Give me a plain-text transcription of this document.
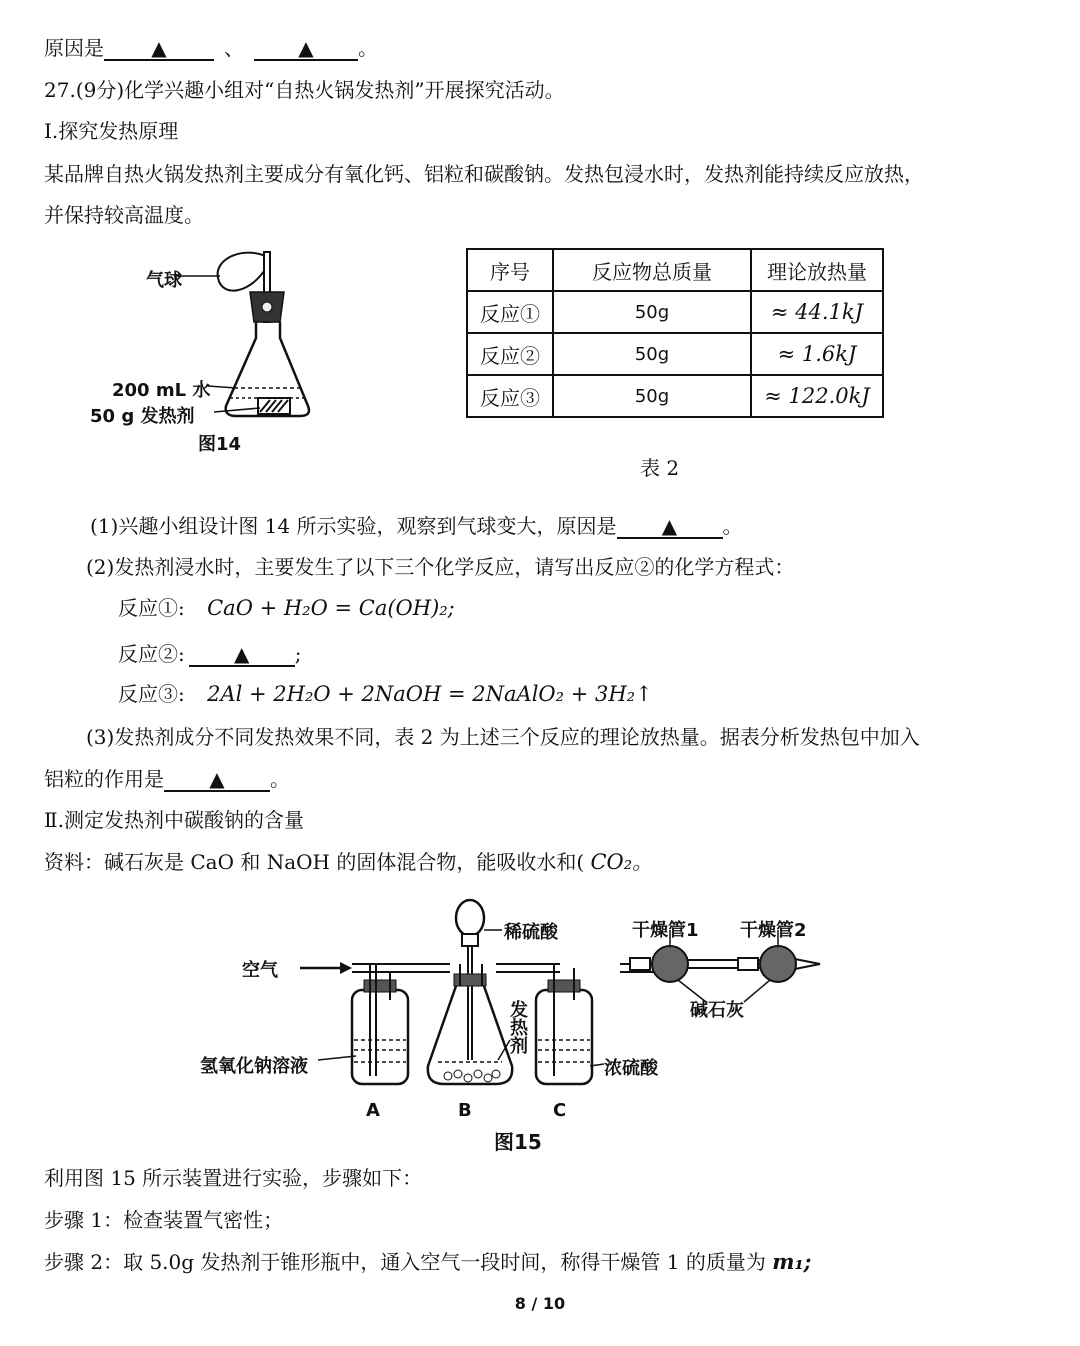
原因是 ▲	、	▲ 。
27.(9分)化学兴趣小组对“自热火锅发热剂”开展探究活动。
Ⅰ.探究发热原理
某品牌自热火锅发热剂主要成分有氧化钙、铝粒和碳酸钠。发热包浸水时，发热剂能持续反应放热，
并保持较高温度。
气球
200 mL 水
50 g 发热剂
图14
序号	反应物总质量	理论放热量
反应①	50g	≈ 44.1kJ
反应②	50g	≈ 1.6kJ
反应③	50g	≈ 122.0kJ
表 2
(1)兴趣小组设计图 14 所示实验，观察到气球变大，原因是 ▲ 。
(2)发热剂浸水时，主要发生了以下三个化学反应，请写出反应②的化学方程式：
反应①: CaO + H₂O = Ca(OH)₂;
反应②: ▲ ;
反应③: 2Al + 2H₂O + 2NaOH = 2NaAlO₂ + 3H₂↑
(3)发热剂成分不同发热效果不同，表 2 为上述三个反应的理论放热量。据表分析发热包中加入
铝粒的作用是 ▲ 。
Ⅱ.测定发热剂中碳酸钠的含量
资料：碱石灰是 CaO 和 NaOH 的固体混合物，能吸收水和( CO₂。
空气
稀硫酸	干燥管1 干燥管2
碱石灰
发热剂
氢氧化钠溶液	浓硫酸
A	B	C
图15
利用图 15 所示装置进行实验，步骤如下：
步骤 1：检查装置气密性；
步骤 2：取 5.0g 发热剂于锥形瓶中，通入空气一段时间，称得干燥管 1 的质量为 m₁;
8 / 10
